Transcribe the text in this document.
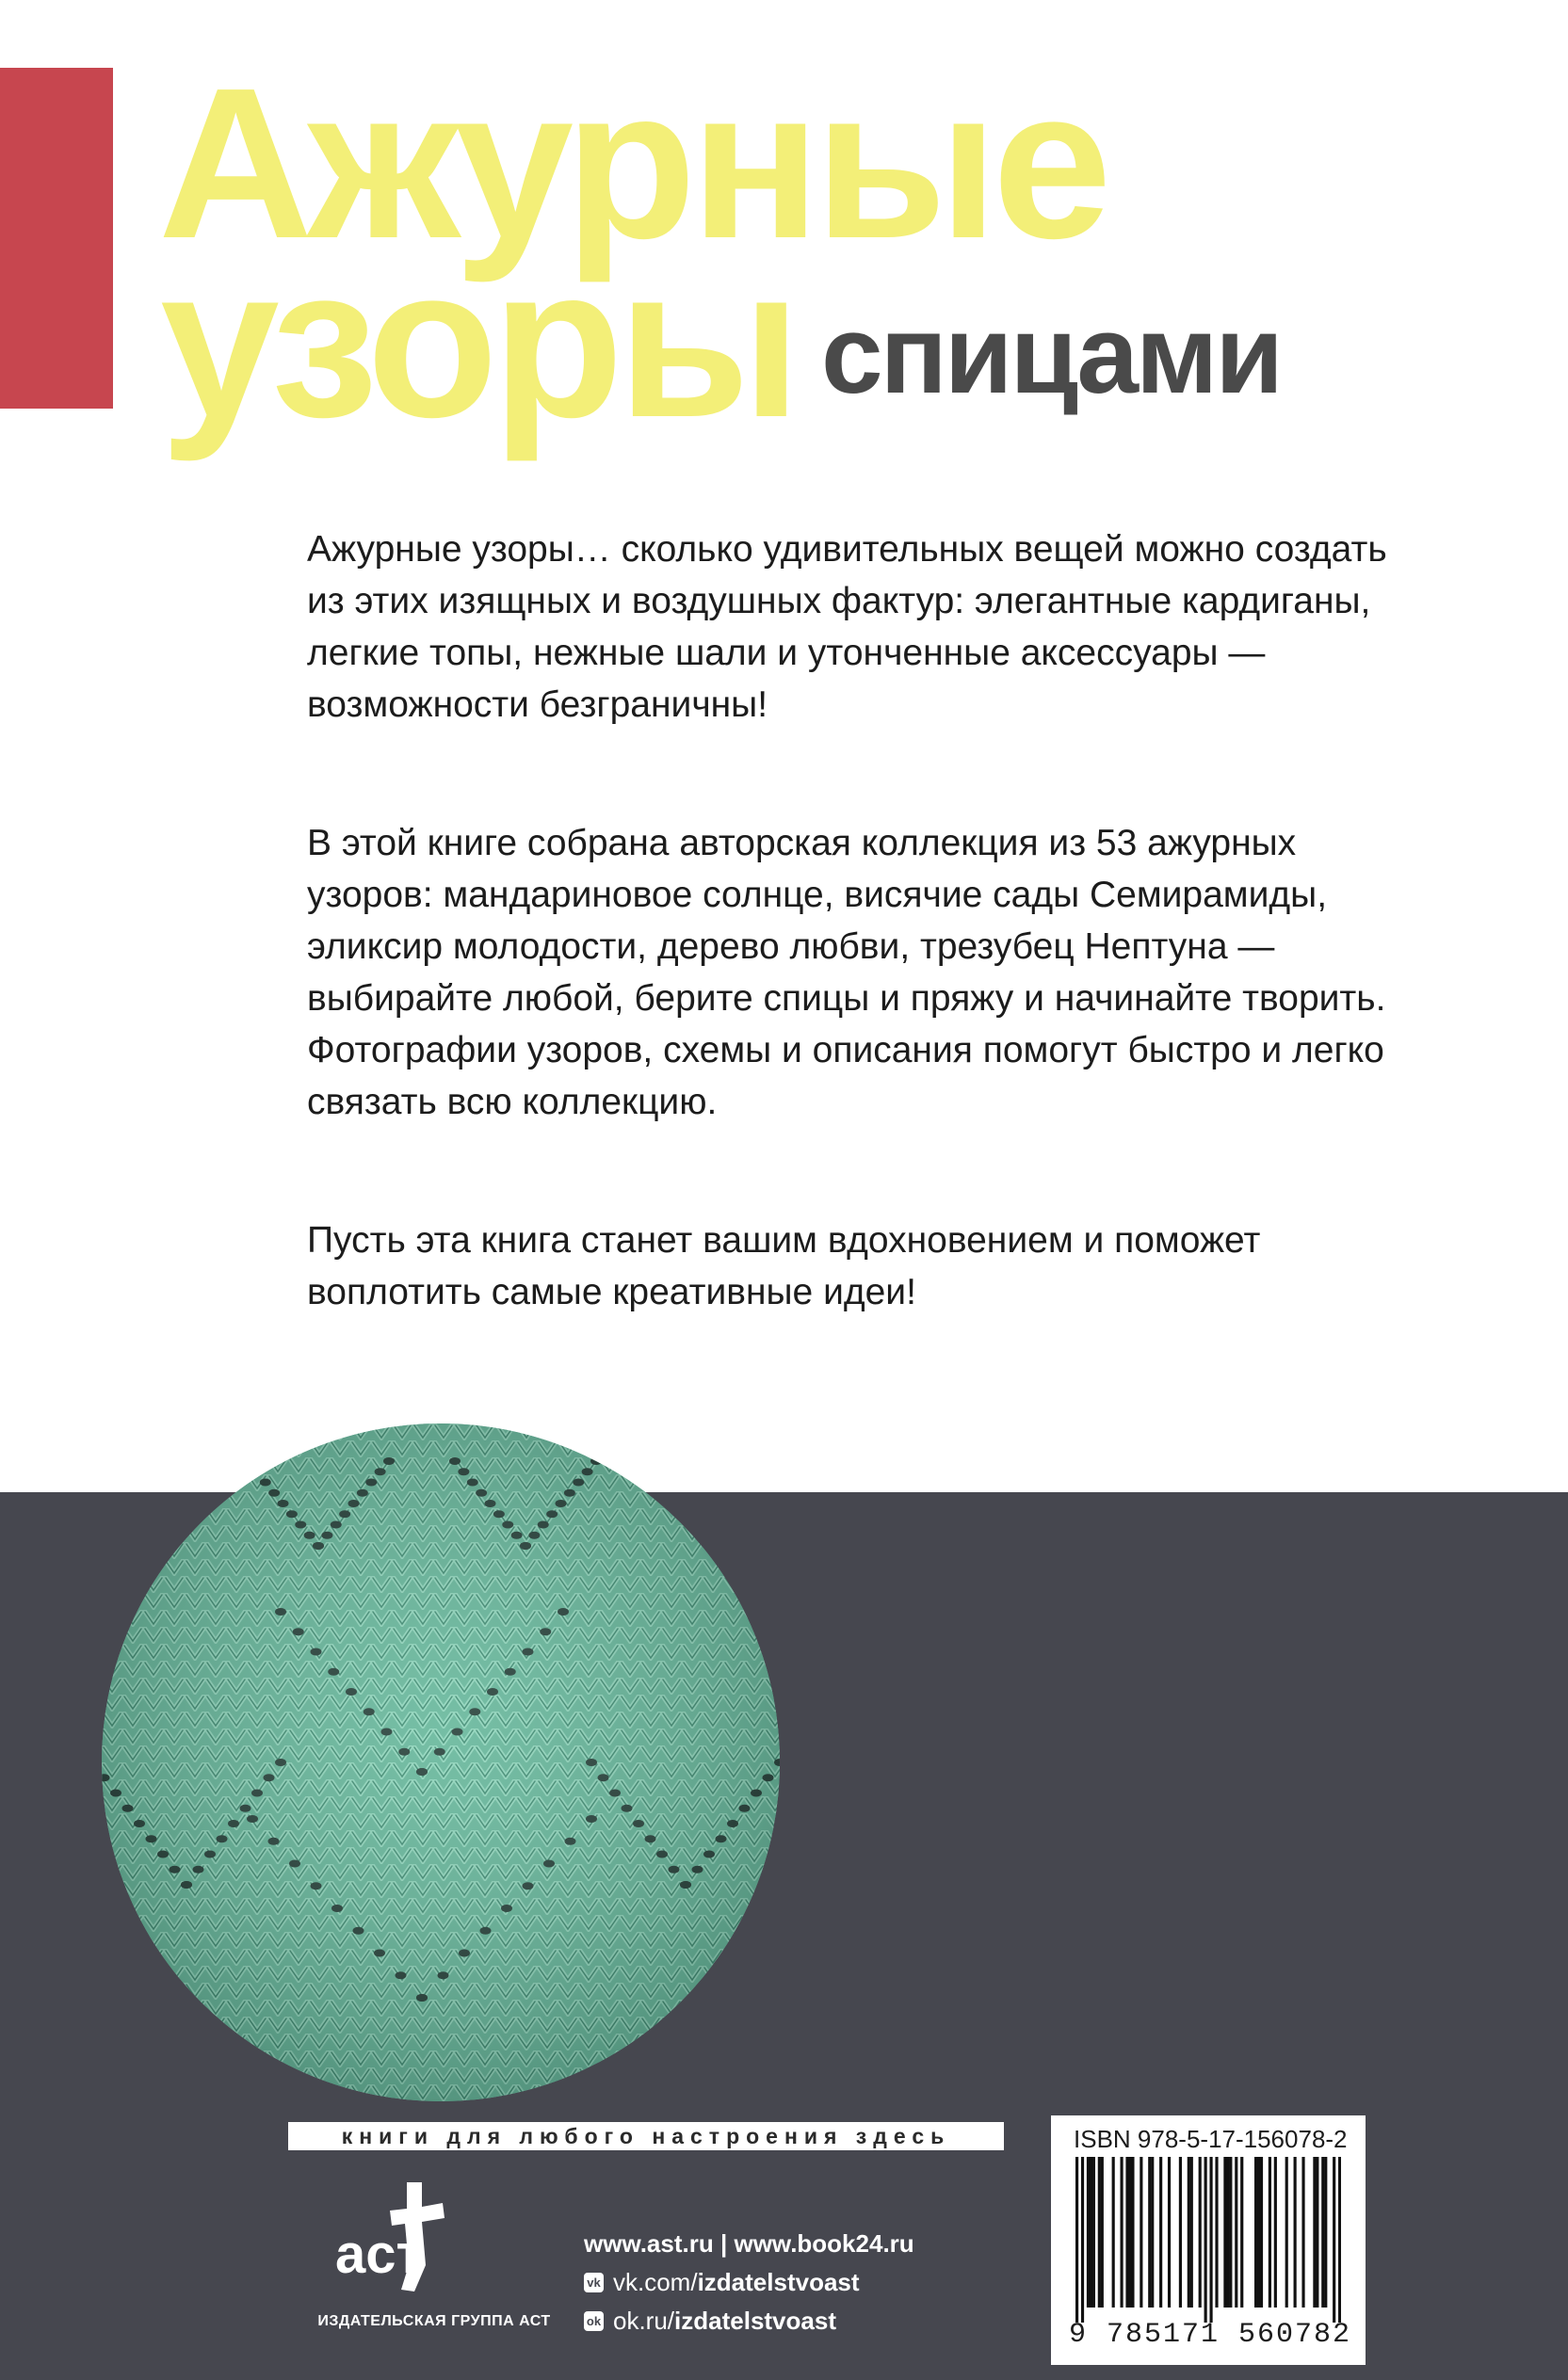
Ажурные
узоры спицами

Ажурные узоры… сколько удивительных вещей можно создать из этих изящных и воздушных фактур: элегантные кардиганы, легкие топы, нежные шали и утонченные аксессуары — возможности безграничны!

В этой книге собрана авторская коллекция из 53 ажурных узоров: мандариновое солнце, висячие сады Семирамиды, эликсир молодости, дерево любви, трезубец Нептуна — выбирайте любой, берите спицы и пряжу и начинайте творить. Фотографии узоров, схемы и описания помогут быстро и легко связать всю коллекцию.

Пусть эта книга станет вашим вдохновением и поможет воплотить самые креативные идеи!

книги для любого настроения здесь
аст
ИЗДАТЕЛЬСКАЯ ГРУППА АСТ
www.ast.ru | www.book24.ru
vk vk.com/ izdatelstvoast
ok ok.ru/ izdatelstvoast
ISBN 978-5-17-156078-2
9 785171 560782
